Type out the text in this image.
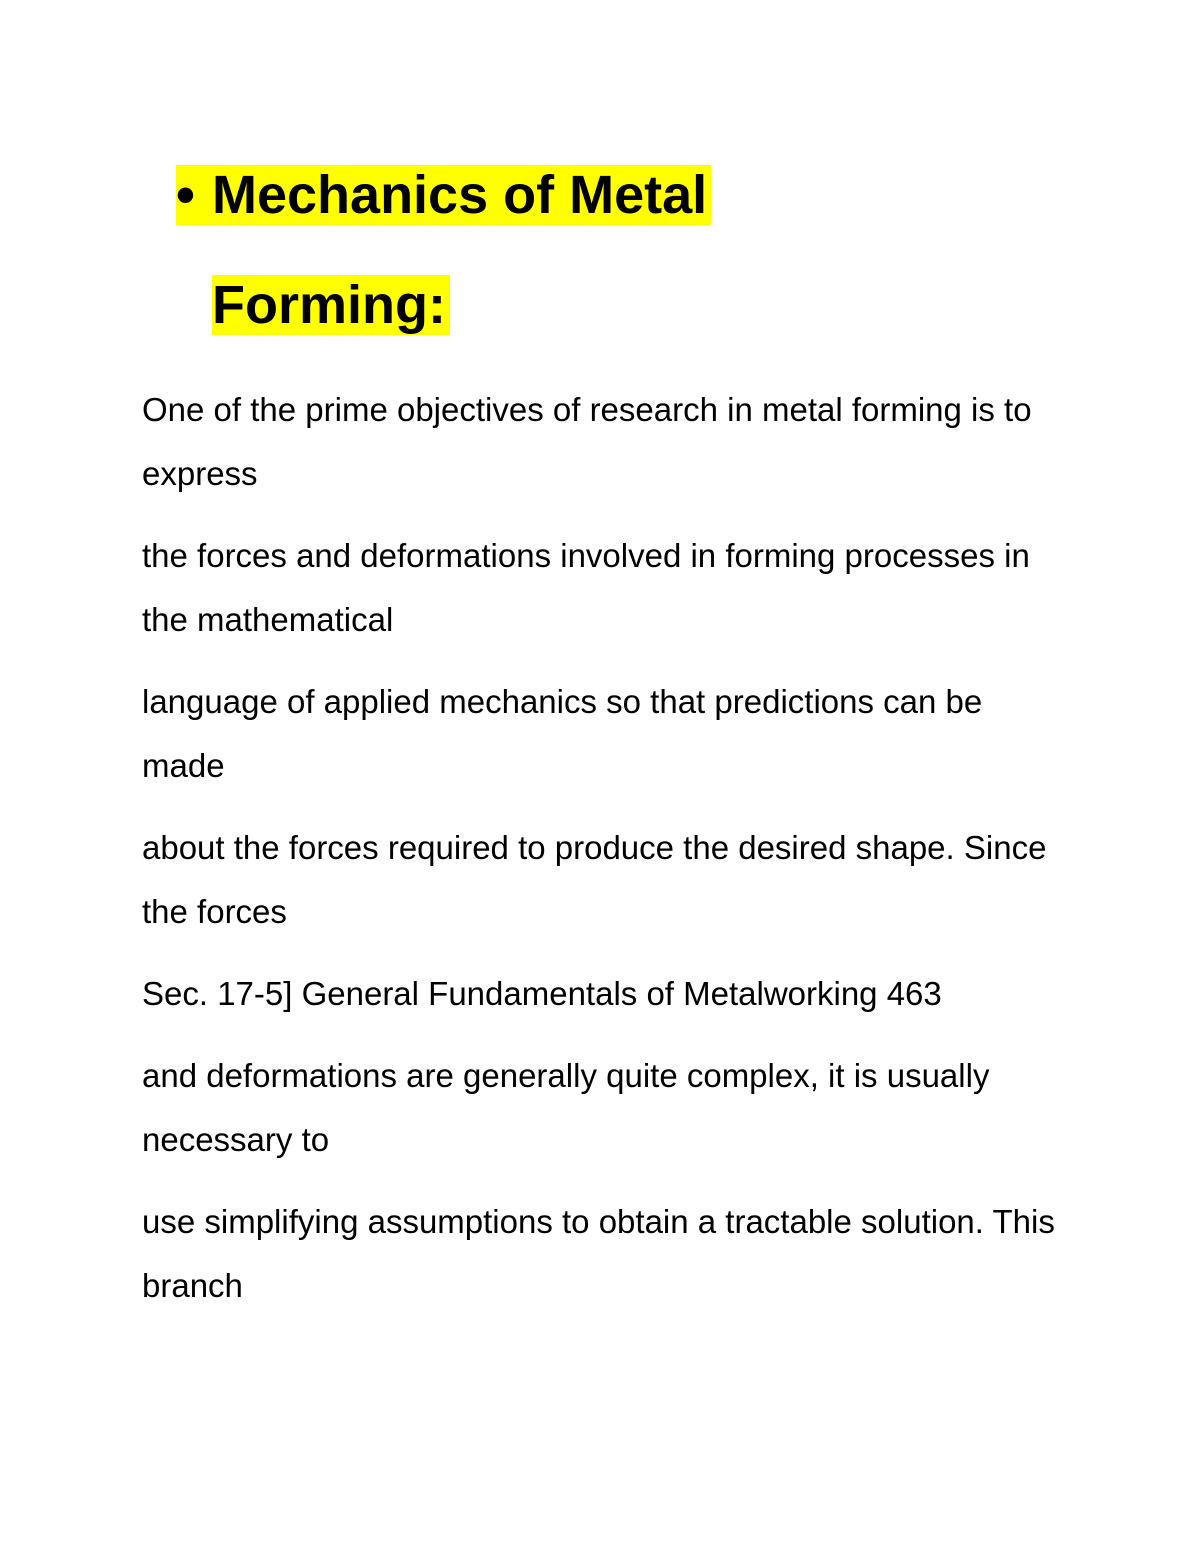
• Mechanics of Metal
Forming:

One of the prime objectives of research in metal forming is to express

the forces and deformations involved in forming processes in the mathematical

language of applied mechanics so that predictions can be made

about the forces required to produce the desired shape. Since the forces

Sec. 17-5] General Fundamentals of Metalworking 463

and deformations are generally quite complex, it is usually necessary to

use simplifying assumptions to obtain a tractable solution. This branch
